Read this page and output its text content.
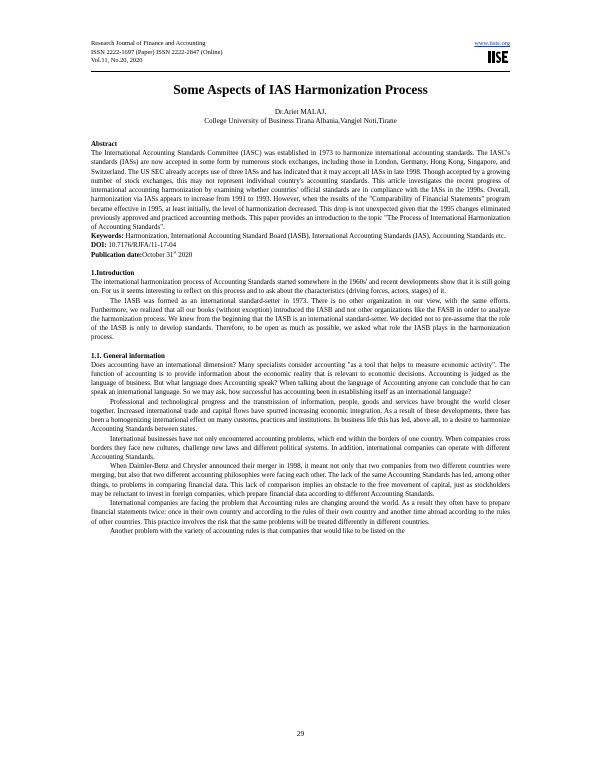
Research Journal of Finance and Accounting
ISSN 2222-1697 (Paper) ISSN 2222-2847 (Online)
Vol.11, No.20, 2020
www.iiste.org
Some Aspects of IAS Harmonization Process
Dr.Ariet MALAJ,
College University of Business Tirana Albania,Vangjel Noti,Tirane

Abstract

The International Accounting Standards Committee (IASC) was established in 1973 to harmonize international accounting standards. The IASC's standards (IASs) are now accepted in some form by numerous stock exchanges, including those in London, Germany, Hong Kong, Singapore, and Switzerland. The US SEC already accepts use of three IASs and has indicated that it may accept all IASs in late 1998. Though accepted by a growing number of stock exchanges, this may not represent individual country's accounting standards. This article investigates the recent progress of international accounting harmonization by examining whether countries' official standards are in compliance with the IASs in the 1990s. Overall, harmonization via IASs appears to increase from 1991 to 1993. However, when the results of the "Comparability of Financial Statements" program became effective in 1995, at least initially, the level of harmonization decreased. This drop is not unexpected given that the 1995 changes eliminated previously approved and practiced accounting methods. This paper provides an introduction to the topic "The Process of International Harmonization of Accounting Standards".

Keywords: Harmonization, International Accounting Standard Board (IASB), International Accounting Standards (IAS), Accounting Standards etc.

DOI: 10.7176/RJFA/11-17-04

Publication date:October 31st 2020

1.Introduction

The international harmonization process of Accounting Standards started somewhere in the 1960s' and recent developments show that it is still going on. For us it seems interesting to reflect on this process and to ask about the characteristics (driving forces, actors, stages) of it.

The IASB was formed as an international standard-setter in 1973. There is no other organization in our view, with the same efforts. Furthermore, we realized that all our books (without exception) introduced the IASB and not other organizations like the FASB in order to analyze the harmonization process. We knew from the beginning that the IASB is an international standard-setter. We decided not to pre-assume that the role of the IASB is only to develop standards. Therefore, to be open as much as possible, we asked what role the IASB plays in the harmonization process.

1.1. General information

Does accounting have an international dimension? Many specialists consider accounting "as a tool that helps to measure economic activity". The function of accounting is to provide information about the economic reality that is relevant to economic decisions. Accounting is judged as the language of business. But what language does Accounting speak? When talking about the language of Accounting anyone can conclude that he can speak an international language. So we may ask, how successful has accounting been in establishing itself as an international language?

Professional and technological progress and the transmission of information, people, goods and services have brought the world closer together. Increased international trade and capital flows have spurred increasing economic integration. As a result of these developments, there has been a homogenizing international effect on many customs, practices and institutions. In business life this has led, above all, to a desire to harmonize Accounting Standards between states.

International businesses have not only encountered accounting problems, which end within the borders of one country. When companies cross borders they face new cultures, challenge new laws and different political systems. In addition, international companies can operate with different Accounting Standards.

When Daimler-Benz and Chrysler announced their merger in 1998, it meant not only that two companies from two different countries were merging, but also that two different accounting philosophies were facing each other. The lack of the same Accounting Standards has led, among other things, to problems in comparing financial data. This lack of comparison implies an obstacle to the free movement of capital, just as stockholders may be reluctant to invest in foreign companies, which prepare financial data according to different Accounting Standards.

International companies are facing the problem that Accounting rules are changing around the world. As a result they often have to prepare financial statements twice: once in their own country and according to the rules of their own country and another time abroad according to the rules of other countries. This practice involves the risk that the same problems will be treated differently in different countries.

Another problem with the variety of accounting rules is that companies that would like to be listed on the

29
